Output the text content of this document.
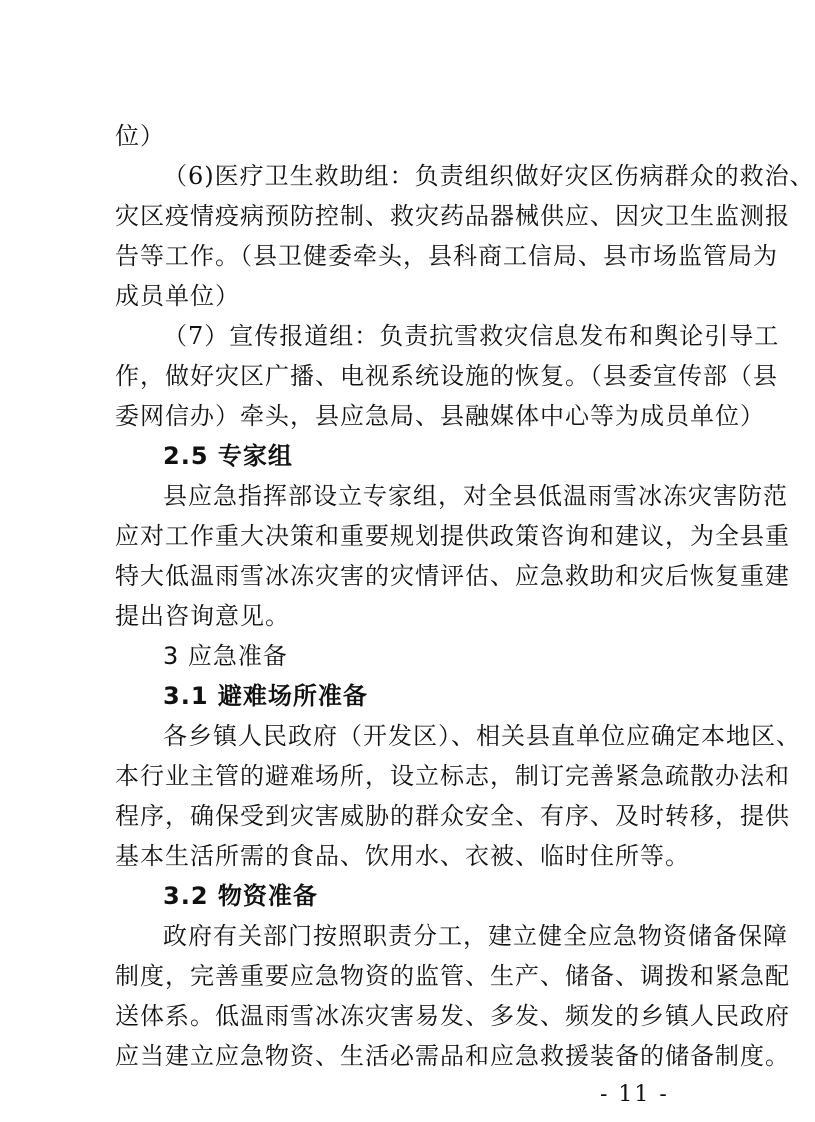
位）
（6)医疗卫生救助组：负责组织做好灾区伤病群众的救治、
灾区疫情疫病预防控制、救灾药品器械供应、因灾卫生监测报
告等工作。（县卫健委牵头，县科商工信局、县市场监管局为
成员单位）
（7）宣传报道组：负责抗雪救灾信息发布和舆论引导工
作，做好灾区广播、电视系统设施的恢复。（县委宣传部（县
委网信办）牵头，县应急局、县融媒体中心等为成员单位）
2.5 专家组
县应急指挥部设立专家组，对全县低温雨雪冰冻灾害防范
应对工作重大决策和重要规划提供政策咨询和建议，为全县重
特大低温雨雪冰冻灾害的灾情评估、应急救助和灾后恢复重建
提出咨询意见。
3 应急准备
3.1 避难场所准备
各乡镇人民政府（开发区）、相关县直单位应确定本地区、
本行业主管的避难场所，设立标志，制订完善紧急疏散办法和
程序，确保受到灾害威胁的群众安全、有序、及时转移，提供
基本生活所需的食品、饮用水、衣被、临时住所等。
3.2 物资准备
政府有关部门按照职责分工，建立健全应急物资储备保障
制度，完善重要应急物资的监管、生产、储备、调拨和紧急配
送体系。低温雨雪冰冻灾害易发、多发、频发的乡镇人民政府
应当建立应急物资、生活必需品和应急救援装备的储备制度。
- 11 -
